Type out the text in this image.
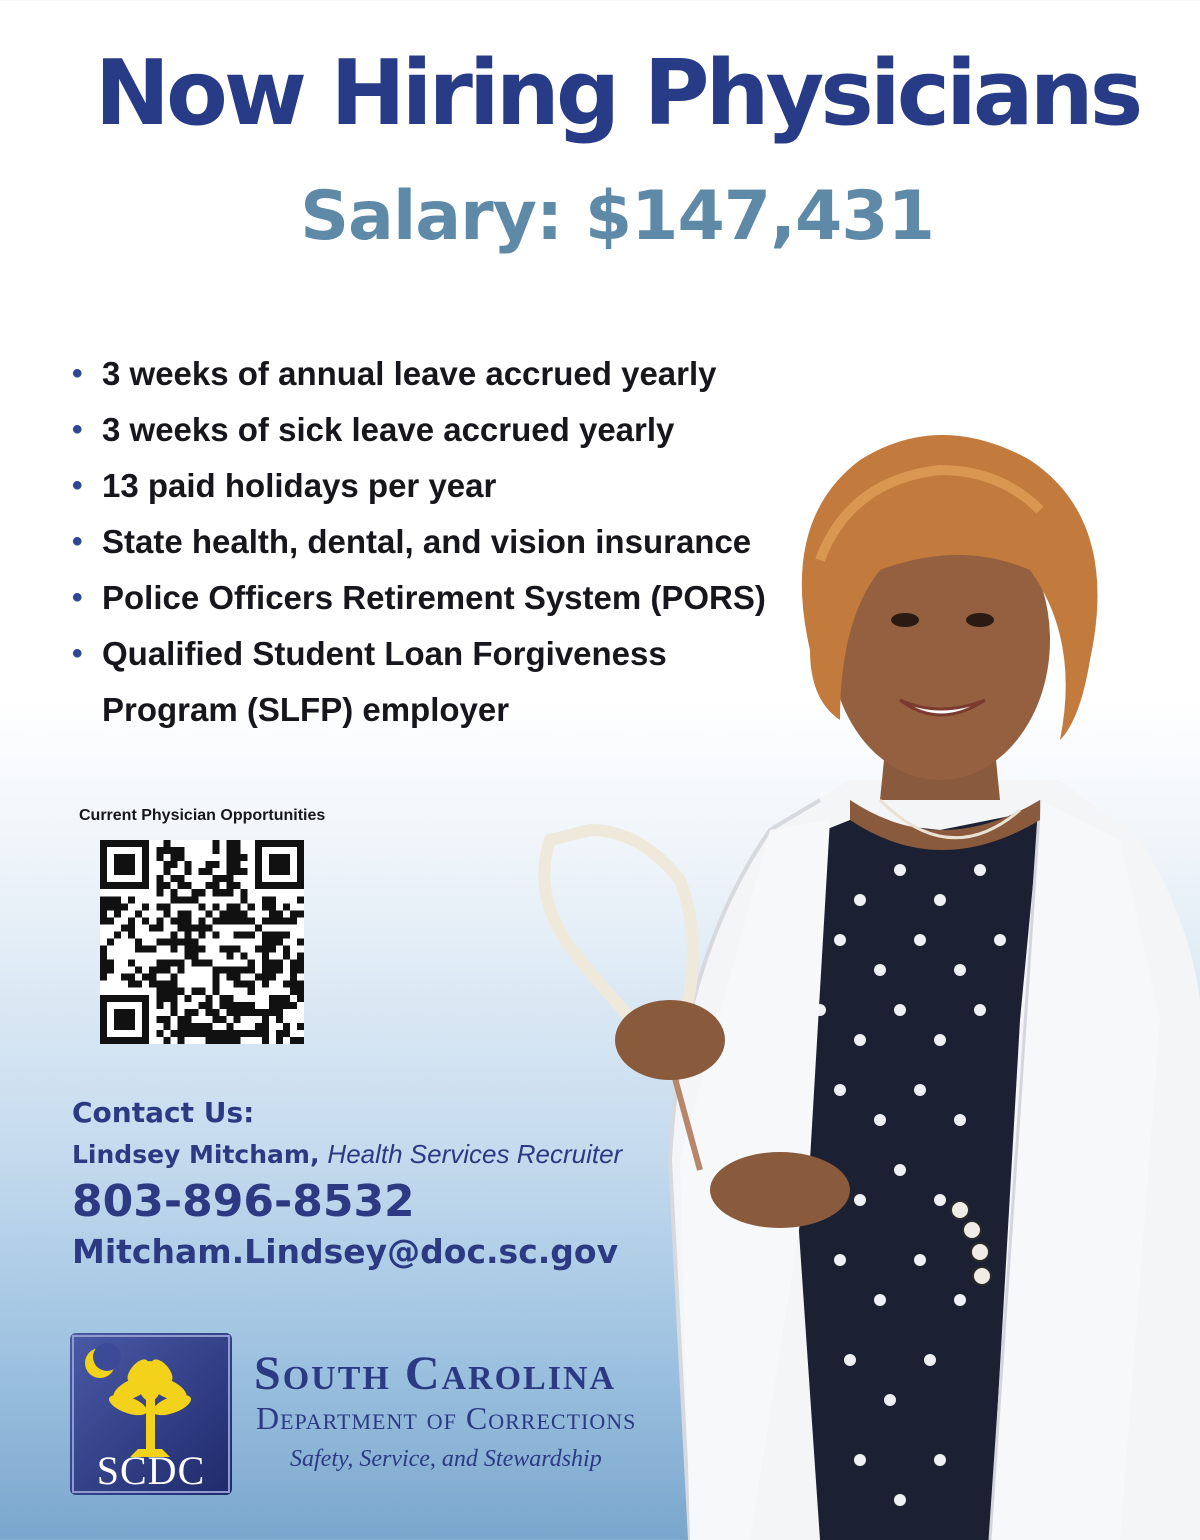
Now Hiring Physicians
Salary: $147,431
• 3 weeks of annual leave accrued yearly
• 3 weeks of sick leave accrued yearly
• 13 paid holidays per year
• State health, dental, and vision insurance
• Police Officers Retirement System (PORS)
• Qualified Student Loan Forgiveness Program (SLFP) employer
Current Physician Opportunities
Contact Us:
Lindsey Mitcham, Health Services Recruiter
803-896-8532
Mitcham.Lindsey@doc.sc.gov
SCDC
South Carolina
Department of Corrections
Safety, Service, and Stewardship
